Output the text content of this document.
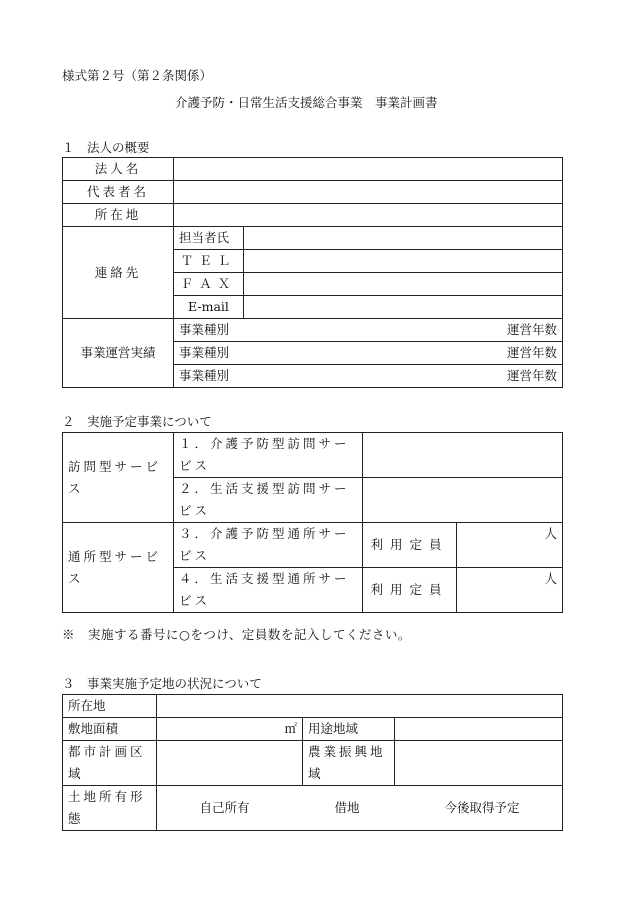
様式第２号（第２条関係）
介護予防・日常生活支援総合事業　事業計画書
１　法人の概要
法人名		
代表者名		
所在地		
連絡先	担当者氏	
	ＴＥＬ	
	ＦＡＸ	
	E-mail	
事業運営実績	事業種別 運営年数	

	事業種別 運営年数	

	事業種別 運営年数	
２　実施予定事業について
訪問型サービス	１．介護予防型訪問サービス		
	２．生活支援型訪問サービス		
通所型サービス	３．介護予防型通所サービス	利用定員	人
	４．生活支援型通所サービス	利用定員	人
※　実施する番号に○をつけ、定員数を記入してください。
３　事業実施予定地の状況について
所在地			
敷地面積	㎡	用途地域	
都市計画区域		農業振興地域	
土地所有形態	自己所有 借地 今後取得予定		
